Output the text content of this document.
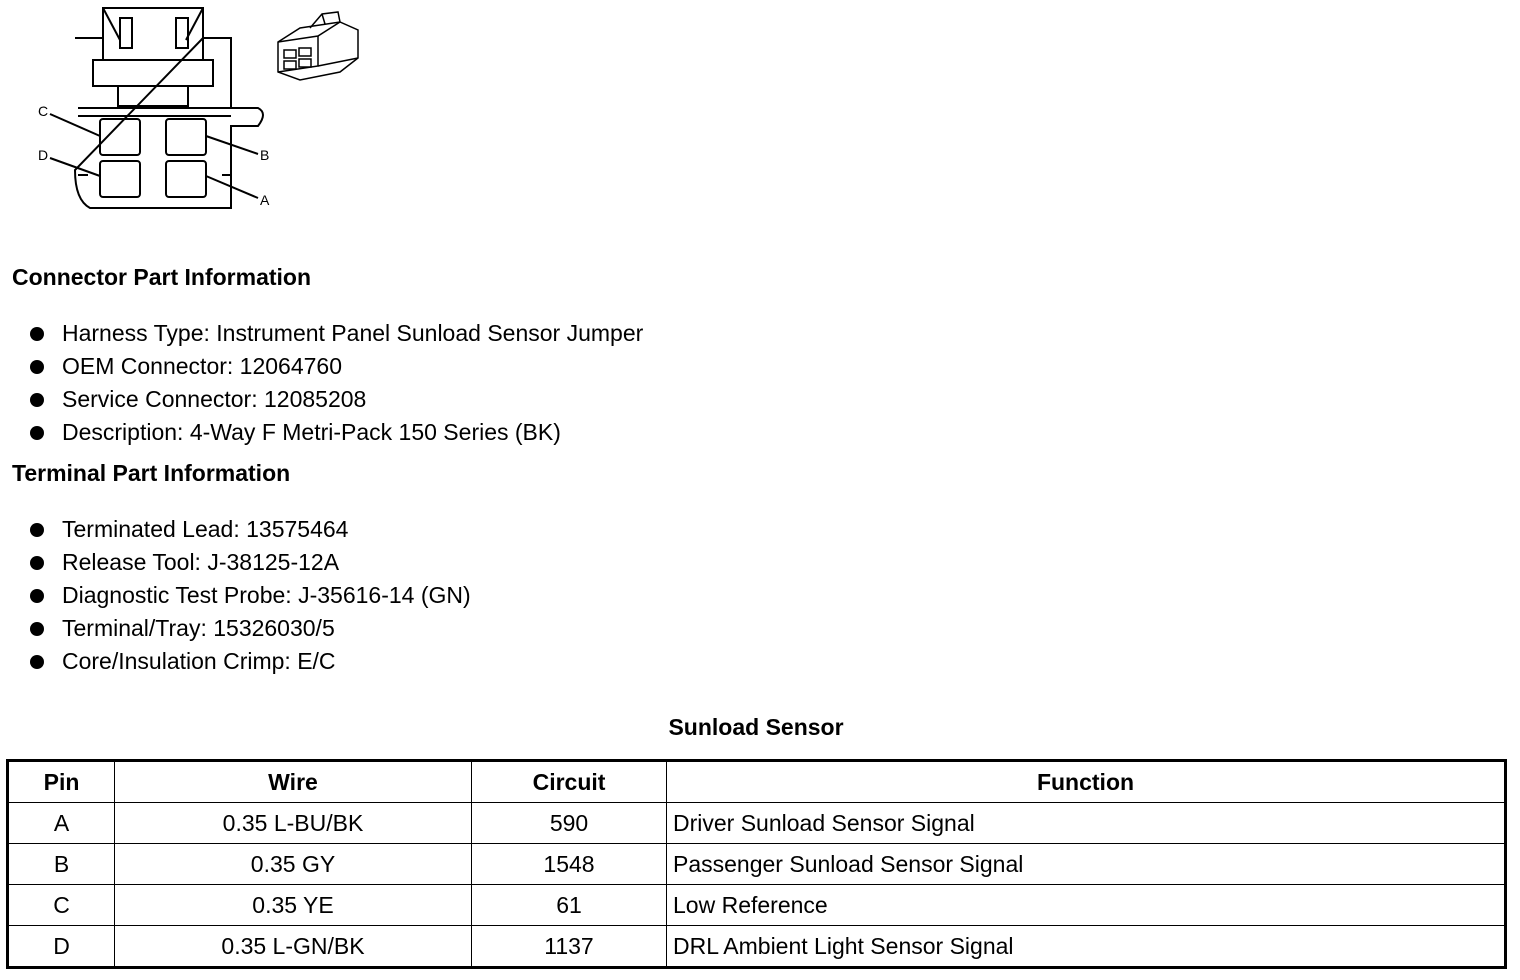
C
D	B
A
Connector Part Information
Harness Type: Instrument Panel Sunload Sensor Jumper
OEM Connector: 12064760
Service Connector: 12085208
Description: 4-Way F Metri-Pack 150 Series (BK)
Terminal Part Information
Terminated Lead: 13575464
Release Tool: J-38125-12A
Diagnostic Test Probe: J-35616-14 (GN)
Terminal/Tray: 15326030/5
Core/Insulation Crimp: E/C
Sunload Sensor
Pin	Wire	Circuit	Function
A	0.35 L-BU/BK	590	Driver Sunload Sensor Signal
B	0.35 GY	1548	Passenger Sunload Sensor Signal
C	0.35 YE	61	Low Reference
D	0.35 L-GN/BK	1137	DRL Ambient Light Sensor Signal
